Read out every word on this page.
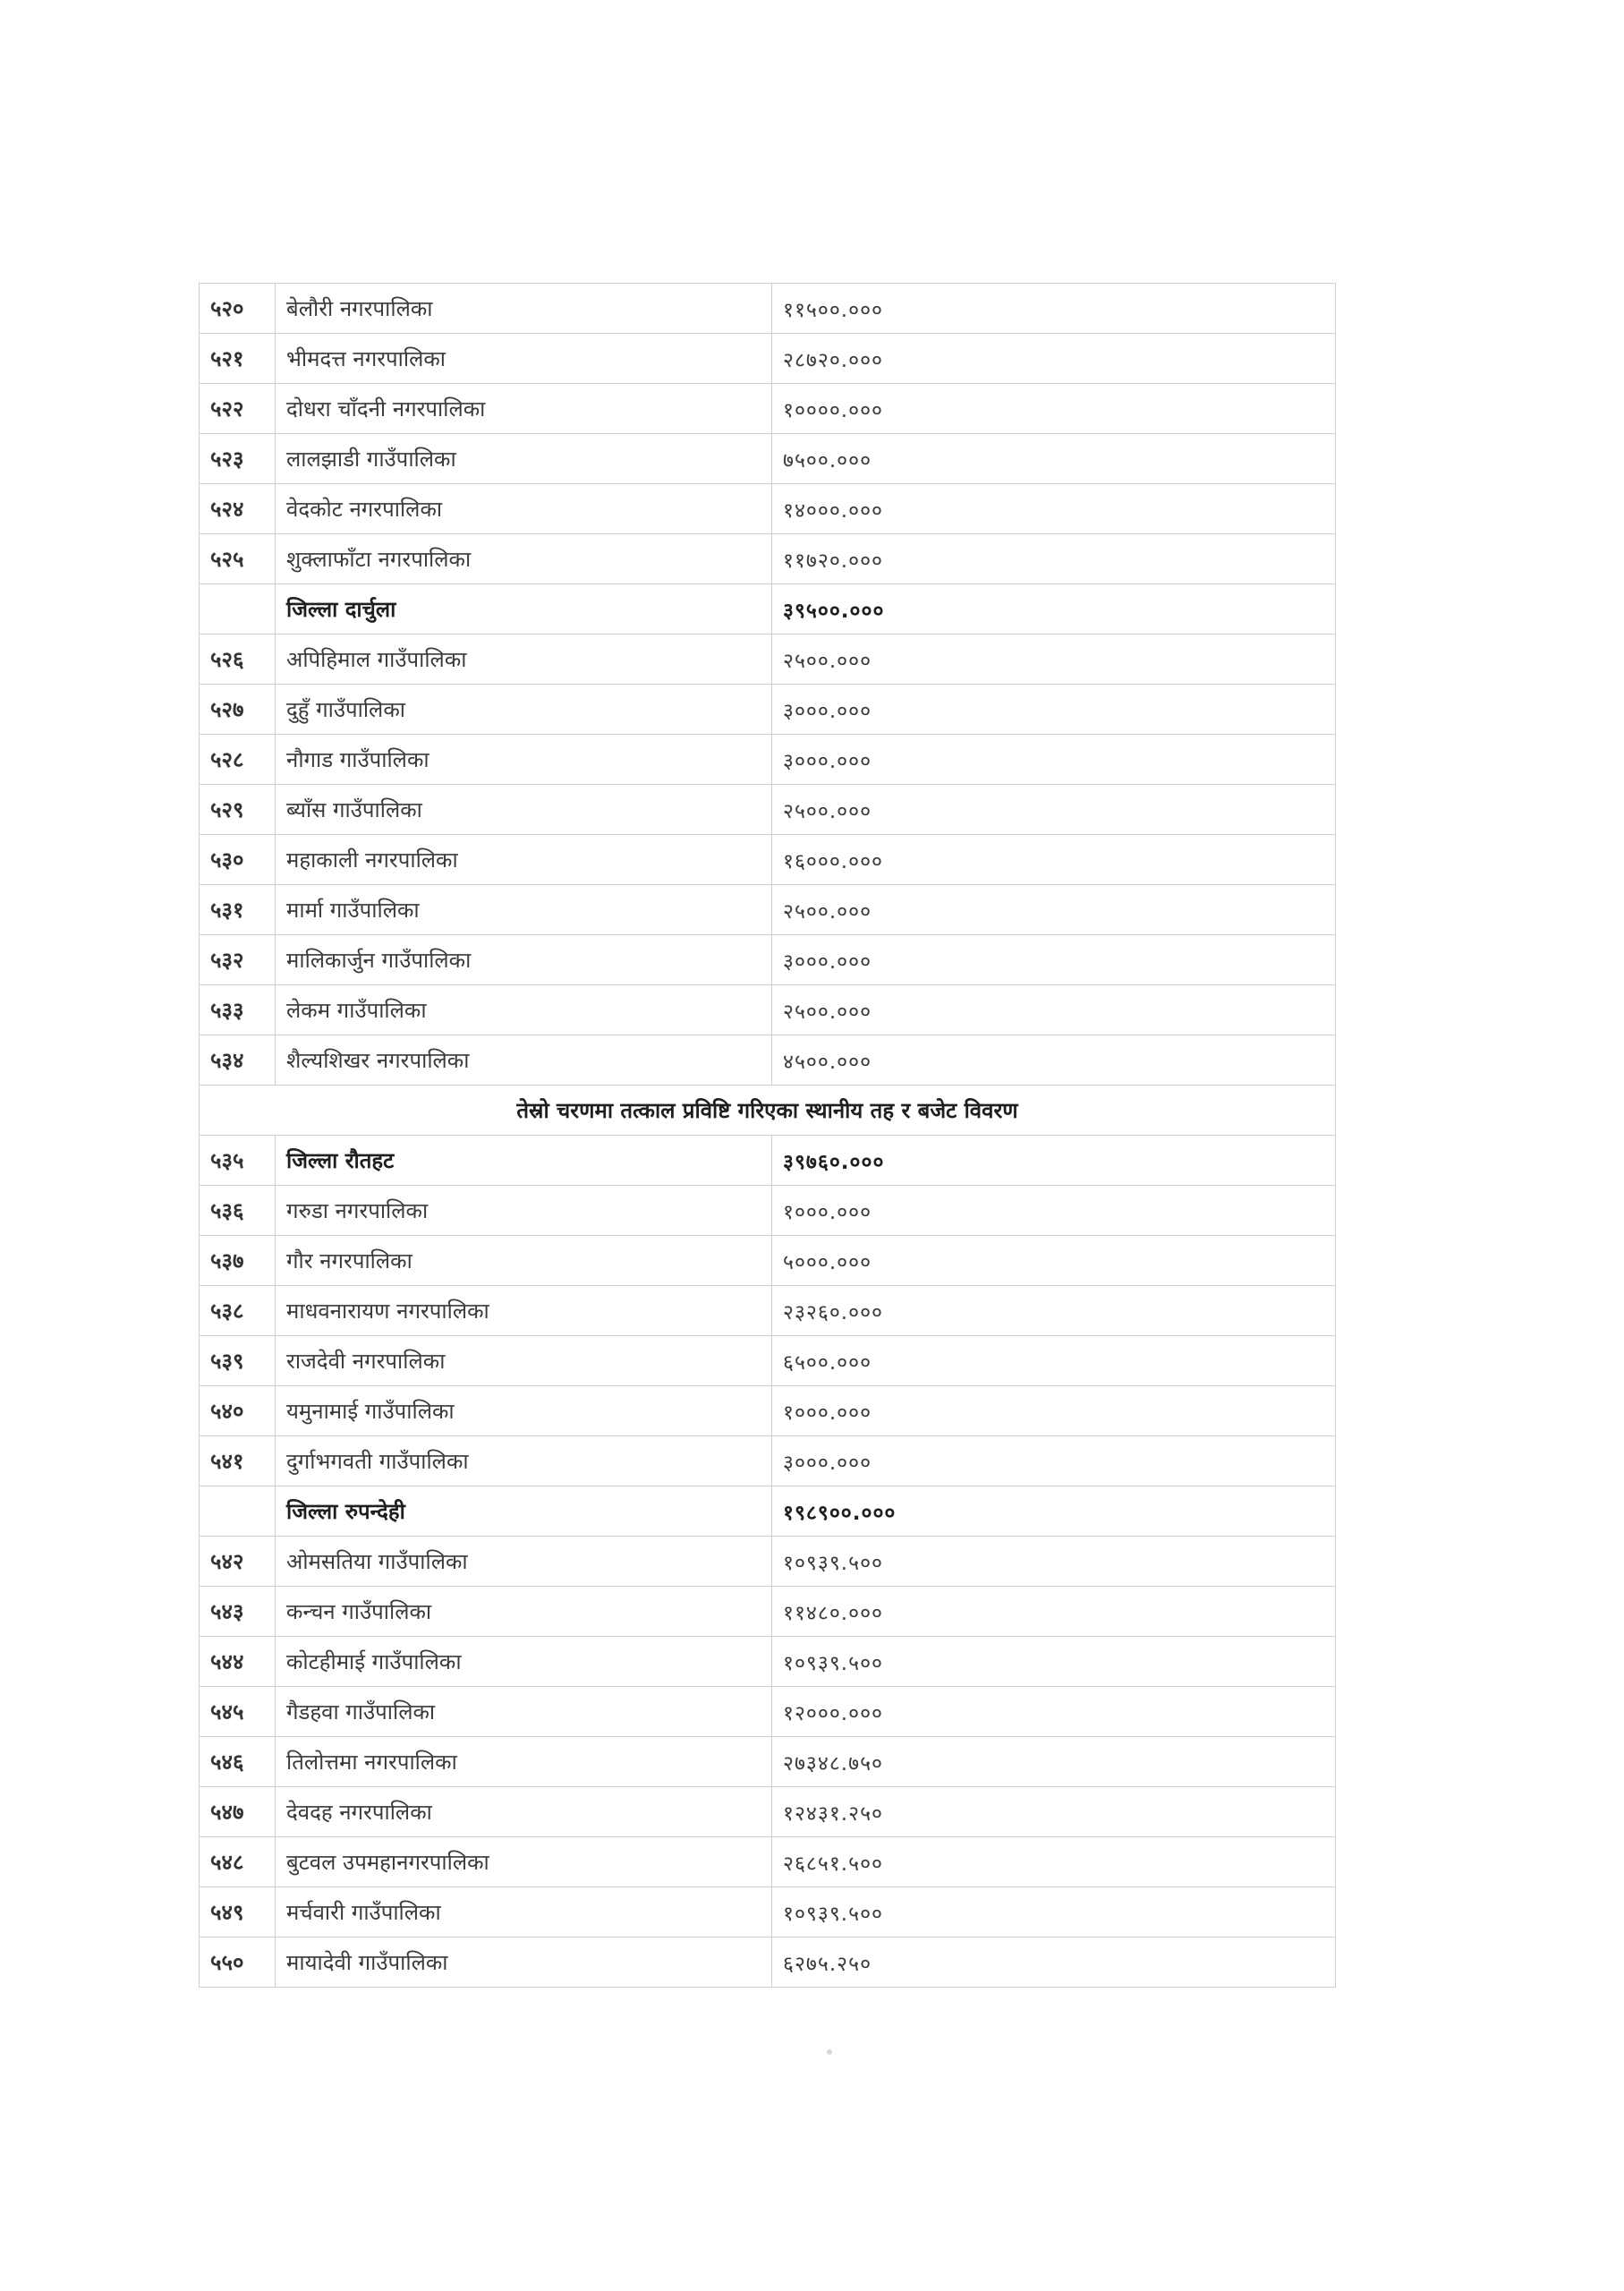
५२०	बेलौरी नगरपालिका	११५००.०००
५२१	भीमदत्त नगरपालिका	२८७२०.०००
५२२	दोधरा चाँदनी नगरपालिका	१००००.०००
५२३	लालझाडी गाउँपालिका	७५००.०००
५२४	वेदकोट नगरपालिका	१४०००.०००
५२५	शुक्लाफाँटा नगरपालिका	११७२०.०००
	जिल्ला दार्चुला	३९५००.०००
५२६	अपिहिमाल गाउँपालिका	२५००.०००
५२७	दुहुँ गाउँपालिका	३०००.०००
५२८	नौगाड गाउँपालिका	३०००.०००
५२९	ब्याँस गाउँपालिका	२५००.०००
५३०	महाकाली नगरपालिका	१६०००.०००
५३१	मार्मा गाउँपालिका	२५००.०००
५३२	मालिकार्जुन गाउँपालिका	३०००.०००
५३३	लेकम गाउँपालिका	२५००.०००
५३४	शैल्यशिखर नगरपालिका	४५००.०००
तेस्रो चरणमा तत्काल प्रविष्टि गरिएका स्थानीय तह र बजेट विवरण		
५३५	जिल्ला रौतहट	३९७६०.०००
५३६	गरुडा नगरपालिका	१०००.०००
५३७	गौर नगरपालिका	५०००.०००
५३८	माधवनारायण नगरपालिका	२३२६०.०००
५३९	राजदेवी नगरपालिका	६५००.०००
५४०	यमुनामाई गाउँपालिका	१०००.०००
५४१	दुर्गाभगवती गाउँपालिका	३०००.०००
	जिल्ला रुपन्देही	१९८९००.०००
५४२	ओमसतिया गाउँपालिका	१०९३९.५००
५४३	कन्चन गाउँपालिका	११४८०.०००
५४४	कोटहीमाई गाउँपालिका	१०९३९.५००
५४५	गैडहवा गाउँपालिका	१२०००.०००
५४६	तिलोत्तमा नगरपालिका	२७३४८.७५०
५४७	देवदह नगरपालिका	१२४३१.२५०
५४८	बुटवल उपमहानगरपालिका	२६८५१.५००
५४९	मर्चवारी गाउँपालिका	१०९३९.५००
५५०	मायादेवी गाउँपालिका	६२७५.२५०
